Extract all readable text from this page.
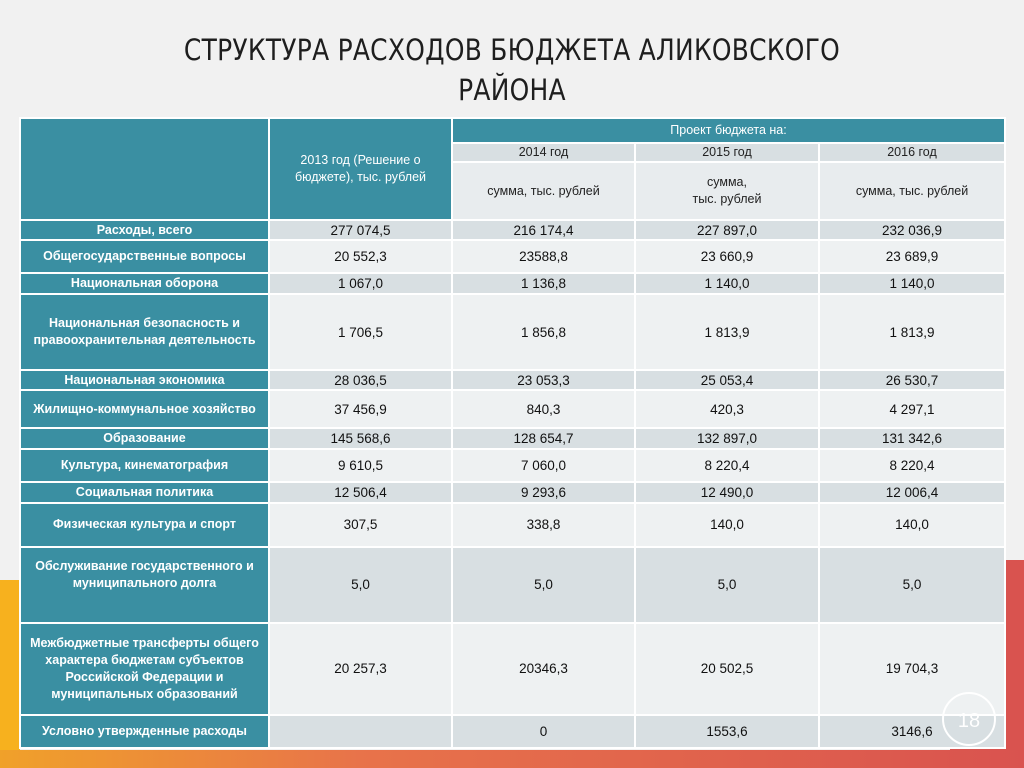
СТРУКТУРА РАСХОДОВ БЮДЖЕТА АЛИКОВСКОГО
РАЙОНА
	2013 год (Решение о бюджете), тыс. рублей	Проект бюджета на:		
		2014 год	2015 год	2016 год
		сумма, тыс. рублей	сумма,
тыс. рублей	сумма, тыс. рублей
Расходы, всего	277 074,5	216 174,4	227 897,0	232 036,9
Общегосударственные вопросы	20 552,3	23588,8	23 660,9	23 689,9
Национальная оборона	1 067,0	1 136,8	1 140,0	1 140,0
Национальная безопасность и правоохранительная деятельность	1 706,5	1 856,8	1 813,9	1 813,9
Национальная экономика	28 036,5	23 053,3	25 053,4	26 530,7
Жилищно-коммунальное хозяйство	37 456,9	840,3	420,3	4 297,1
Образование	145 568,6	128 654,7	132 897,0	131 342,6
Культура, кинематография	9 610,5	7 060,0	8 220,4	8 220,4
Социальная политика	12 506,4	9 293,6	12 490,0	12 006,4
Физическая культура и спорт	307,5	338,8	140,0	140,0
Обслуживание государственного и муниципального долга	5,0	5,0	5,0	5,0
Межбюджетные трансферты общего характера бюджетам субъектов Российской Федерации и муниципальных образований	20 257,3	20346,3	20 502,5	19 704,3
Условно утвержденные расходы		0	1553,6	3146,6	18
